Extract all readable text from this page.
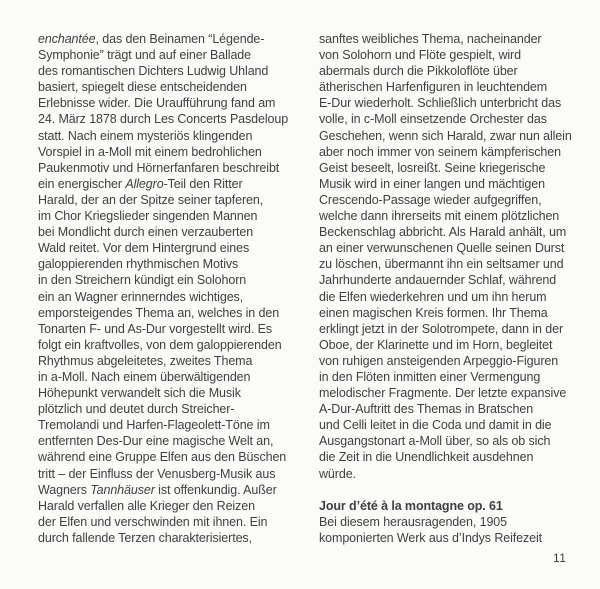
enchantée, das den Beinamen “Légende-
Symphonie” trägt und auf einer Ballade
des romantischen Dichters Ludwig Uhland
basiert, spiegelt diese entscheidenden
Erlebnisse wider. Die Uraufführung fand am
24. März 1878 durch Les Concerts Pasdeloup
statt. Nach einem mysteriös klingenden
Vorspiel in a-Moll mit einem bedrohlichen
Paukenmotiv und Hörnerfanfaren beschreibt
ein energischer Allegro-Teil den Ritter
Harald, der an der Spitze seiner tapferen,
im Chor Kriegslieder singenden Mannen
bei Mondlicht durch einen verzauberten
Wald reitet. Vor dem Hintergrund eines
galoppierenden rhythmischen Motivs
in den Streichern kündigt ein Solohorn
ein an Wagner erinnerndes wichtiges,
emporsteigendes Thema an, welches in den
Tonarten F- und As-Dur vorgestellt wird. Es
folgt ein kraftvolles, von dem galoppierenden
Rhythmus abgeleitetes, zweites Thema
in a-Moll. Nach einem überwältigenden
Höhepunkt verwandelt sich die Musik
plötzlich und deutet durch Streicher-
Tremolandi und Harfen-Flageolett-Töne im
entfernten Des-Dur eine magische Welt an,
während eine Gruppe Elfen aus den Büschen
tritt – der Einfluss der Venusberg-Musik aus
Wagners Tannhäuser ist offenkundig. Außer
Harald verfallen alle Krieger den Reizen
der Elfen und verschwinden mit ihnen. Ein
durch fallende Terzen charakterisiertes,
sanftes weibliches Thema, nacheinander
von Solohorn und Flöte gespielt, wird
abermals durch die Pikkoloflöte über
ätherischen Harfenfiguren in leuchtendem
E-Dur wiederholt. Schließlich unterbricht das
volle, in c-Moll einsetzende Orchester das
Geschehen, wenn sich Harald, zwar nun allein
aber noch immer von seinem kämpferischen
Geist beseelt, losreißt. Seine kriegerische
Musik wird in einer langen und mächtigen
Crescendo-Passage wieder aufgegriffen,
welche dann ihrerseits mit einem plötzlichen
Beckenschlag abbricht. Als Harald anhält, um
an einer verwunschenen Quelle seinen Durst
zu löschen, übermannt ihn ein seltsamer und
Jahrhunderte andauernder Schlaf, während
die Elfen wiederkehren und um ihn herum
einen magischen Kreis formen. Ihr Thema
erklingt jetzt in der Solotrompete, dann in der
Oboe, der Klarinette und im Horn, begleitet
von ruhigen ansteigenden Arpeggio-Figuren
in den Flöten inmitten einer Vermengung
melodischer Fragmente. Der letzte expansive
A-Dur-Auftritt des Themas in Bratschen
und Celli leitet in die Coda und damit in die
Ausgangstonart a-Moll über, so als ob sich
die Zeit in die Unendlichkeit ausdehnen
würde.
Jour d’été à la montagne op. 61
Bei diesem herausragenden, 1905
komponierten Werk aus d’Indys Reifezeit
11
